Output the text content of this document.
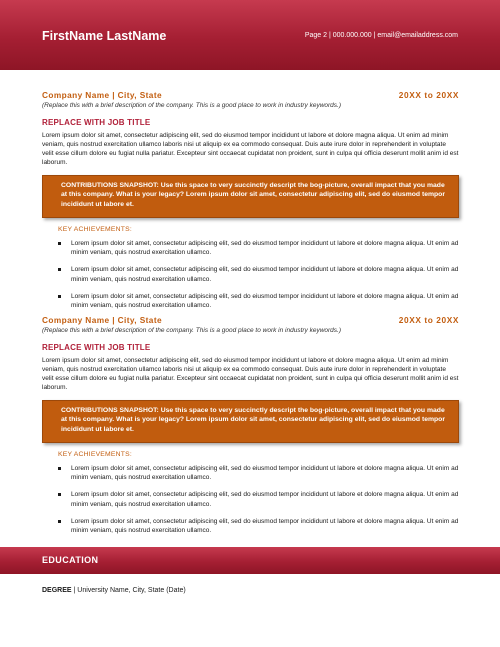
FirstName LastName	Page 2 | 000.000.000 | email@emailaddress.com
Company Name | City, State	20XX to 20XX
(Replace this with a brief description of the company. This is a good place to work in industry keywords.)
REPLACE WITH JOB TITLE
Lorem ipsum dolor sit amet, consectetur adipiscing elit, sed do eiusmod tempor incididunt ut labore et dolore magna aliqua. Ut enim ad minim veniam, quis nostrud exercitation ullamco laboris nisi ut aliquip ex ea commodo consequat. Duis aute irure dolor in reprehenderit in voluptate velit esse cillum dolore eu fugiat nulla pariatur. Excepteur sint occaecat cupidatat non proident, sunt in culpa qui officia deserunt mollit anim id est laborum.
CONTRIBUTIONS SNAPSHOT: Use this space to very succinctly descript the bog-picture, overall impact that you made at this company. What is your legacy? Lorem ipsum dolor sit amet, consectetur adipiscing elit, sed do eiusmod tempor incididunt ut labore et.
KEY ACHIEVEMENTS:
Lorem ipsum dolor sit amet, consectetur adipiscing elit, sed do eiusmod tempor incididunt ut labore et dolore magna aliqua. Ut enim ad minim veniam, quis nostrud exercitation ullamco.
Lorem ipsum dolor sit amet, consectetur adipiscing elit, sed do eiusmod tempor incididunt ut labore et dolore magna aliqua. Ut enim ad minim veniam, quis nostrud exercitation ullamco.
Lorem ipsum dolor sit amet, consectetur adipiscing elit, sed do eiusmod tempor incididunt ut labore et dolore magna aliqua. Ut enim ad minim veniam, quis nostrud exercitation ullamco.
Company Name | City, State	20XX to 20XX
(Replace this with a brief description of the company. This is a good place to work in industry keywords.)
REPLACE WITH JOB TITLE
Lorem ipsum dolor sit amet, consectetur adipiscing elit, sed do eiusmod tempor incididunt ut labore et dolore magna aliqua. Ut enim ad minim veniam, quis nostrud exercitation ullamco laboris nisi ut aliquip ex ea commodo consequat. Duis aute irure dolor in reprehenderit in voluptate velit esse cillum dolore eu fugiat nulla pariatur. Excepteur sint occaecat cupidatat non proident, sunt in culpa qui officia deserunt mollit anim id est laborum.
CONTRIBUTIONS SNAPSHOT: Use this space to very succinctly descript the bog-picture, overall impact that you made at this company. What is your legacy? Lorem ipsum dolor sit amet, consectetur adipiscing elit, sed do eiusmod tempor incididunt ut labore et.
KEY ACHIEVEMENTS:
Lorem ipsum dolor sit amet, consectetur adipiscing elit, sed do eiusmod tempor incididunt ut labore et dolore magna aliqua. Ut enim ad minim veniam, quis nostrud exercitation ullamco.
Lorem ipsum dolor sit amet, consectetur adipiscing elit, sed do eiusmod tempor incididunt ut labore et dolore magna aliqua. Ut enim ad minim veniam, quis nostrud exercitation ullamco.
Lorem ipsum dolor sit amet, consectetur adipiscing elit, sed do eiusmod tempor incididunt ut labore et dolore magna aliqua. Ut enim ad minim veniam, quis nostrud exercitation ullamco.
EDUCATION
DEGREE | University Name, City, State (Date)
